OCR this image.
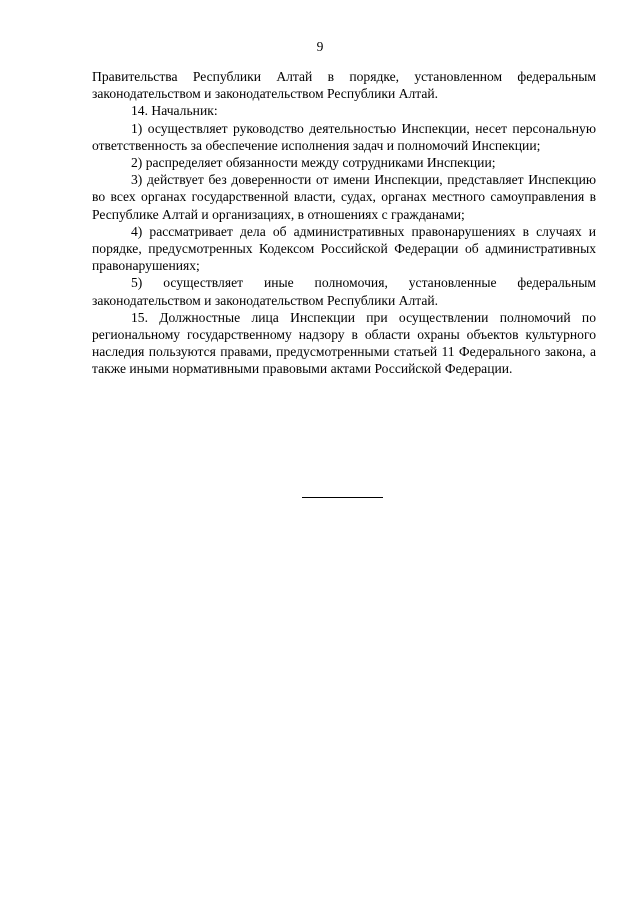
9

Правительства Республики Алтай в порядке, установленном федеральным законодательством и законодательством Республики Алтай.

14. Начальник:

1) осуществляет руководство деятельностью Инспекции, несет персональную ответственность за обеспечение исполнения задач и полномочий Инспекции;

2) распределяет обязанности между сотрудниками Инспекции;

3) действует без доверенности от имени Инспекции, представляет Инспекцию во всех органах государственной власти, судах, органах местного самоуправления в Республике Алтай и организациях, в отношениях с гражданами;

4) рассматривает дела об административных правонарушениях в случаях и порядке, предусмотренных Кодексом Российской Федерации об административных правонарушениях;

5) осуществляет иные полномочия, установленные федеральным законодательством и законодательством Республики Алтай.

15. Должностные лица Инспекции при осуществлении полномочий по региональному государственному надзору в области охраны объектов культурного наследия пользуются правами, предусмотренными статьей 11 Федерального закона, а также иными нормативными правовыми актами Российской Федерации.
